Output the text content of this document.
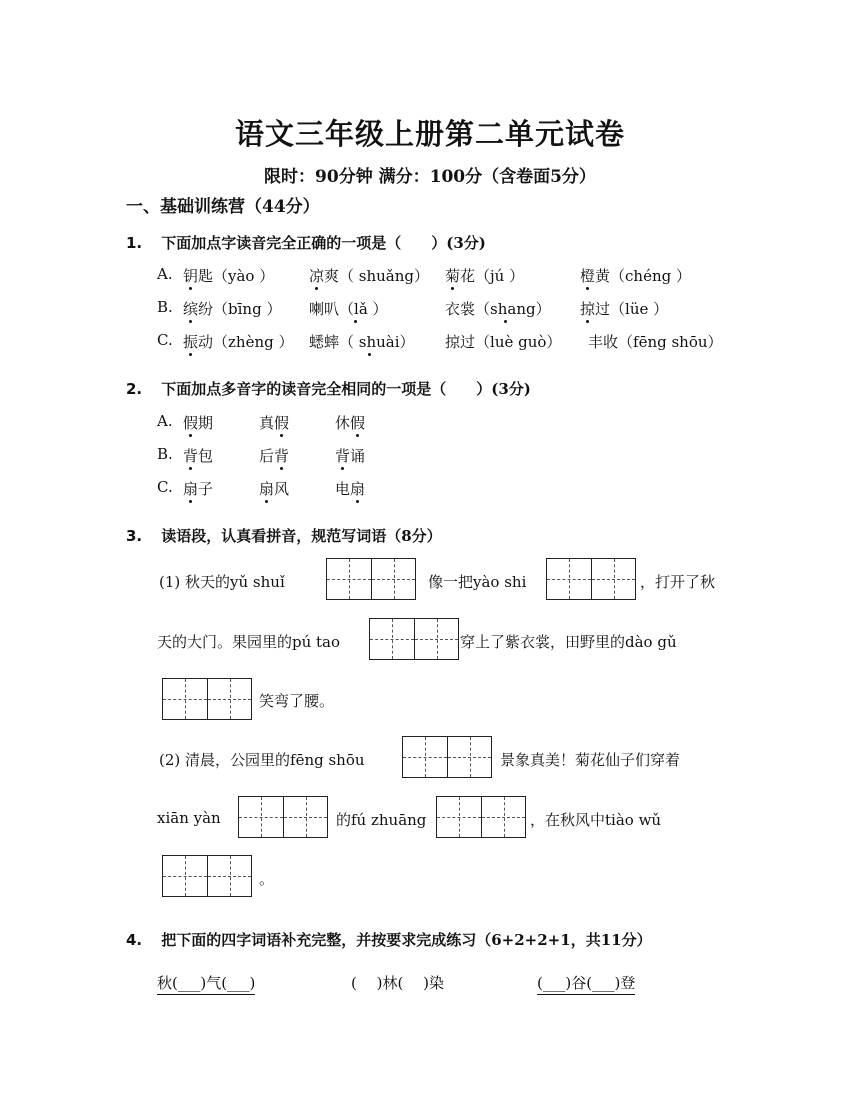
语文三年级上册第二单元试卷
限时：90分钟 满分：100分（含卷面5分）
一、基础训练营（44分）
1. 下面加点字读音完全正确的一项是（　　）(3分)
A. 钥匙（yào ） 凉爽（ shuǎng） 菊花（jú ）	橙黄（chéng ）
B. 缤纷（bīng ） 喇叭（lǎ ）	衣裳（shang） 掠过（lüe ）
C. 振动（zhèng ） 蟋蟀（ shuài） 掠过（luè guò） 丰收（fēng shōu）
2. 下面加点多音字的读音完全相同的一项是（　　）(3分)
A. 假期	真假	休假
B. 背包	后背	背诵
C. 扇子	扇风	电扇
3. 读语段，认真看拼音，规范写词语（8分）
(1) 秋天的yǔ shuǐ	像一把yào shi	，打开了秋
天的大门。果园里的pú tao	穿上了紫衣裳，田野里的dào gǔ
笑弯了腰。
(2) 清晨，公园里的fēng shōu	景象真美！菊花仙子们穿着
xiān yàn	的fú zhuāng	，在秋风中tiào wǔ
。
4. 把下面的四字词语补充完整，并按要求完成练习（6+2+2+1，共11分）
秋(___)气(___)	(　 )林(　 )染	(___)谷(___)登
